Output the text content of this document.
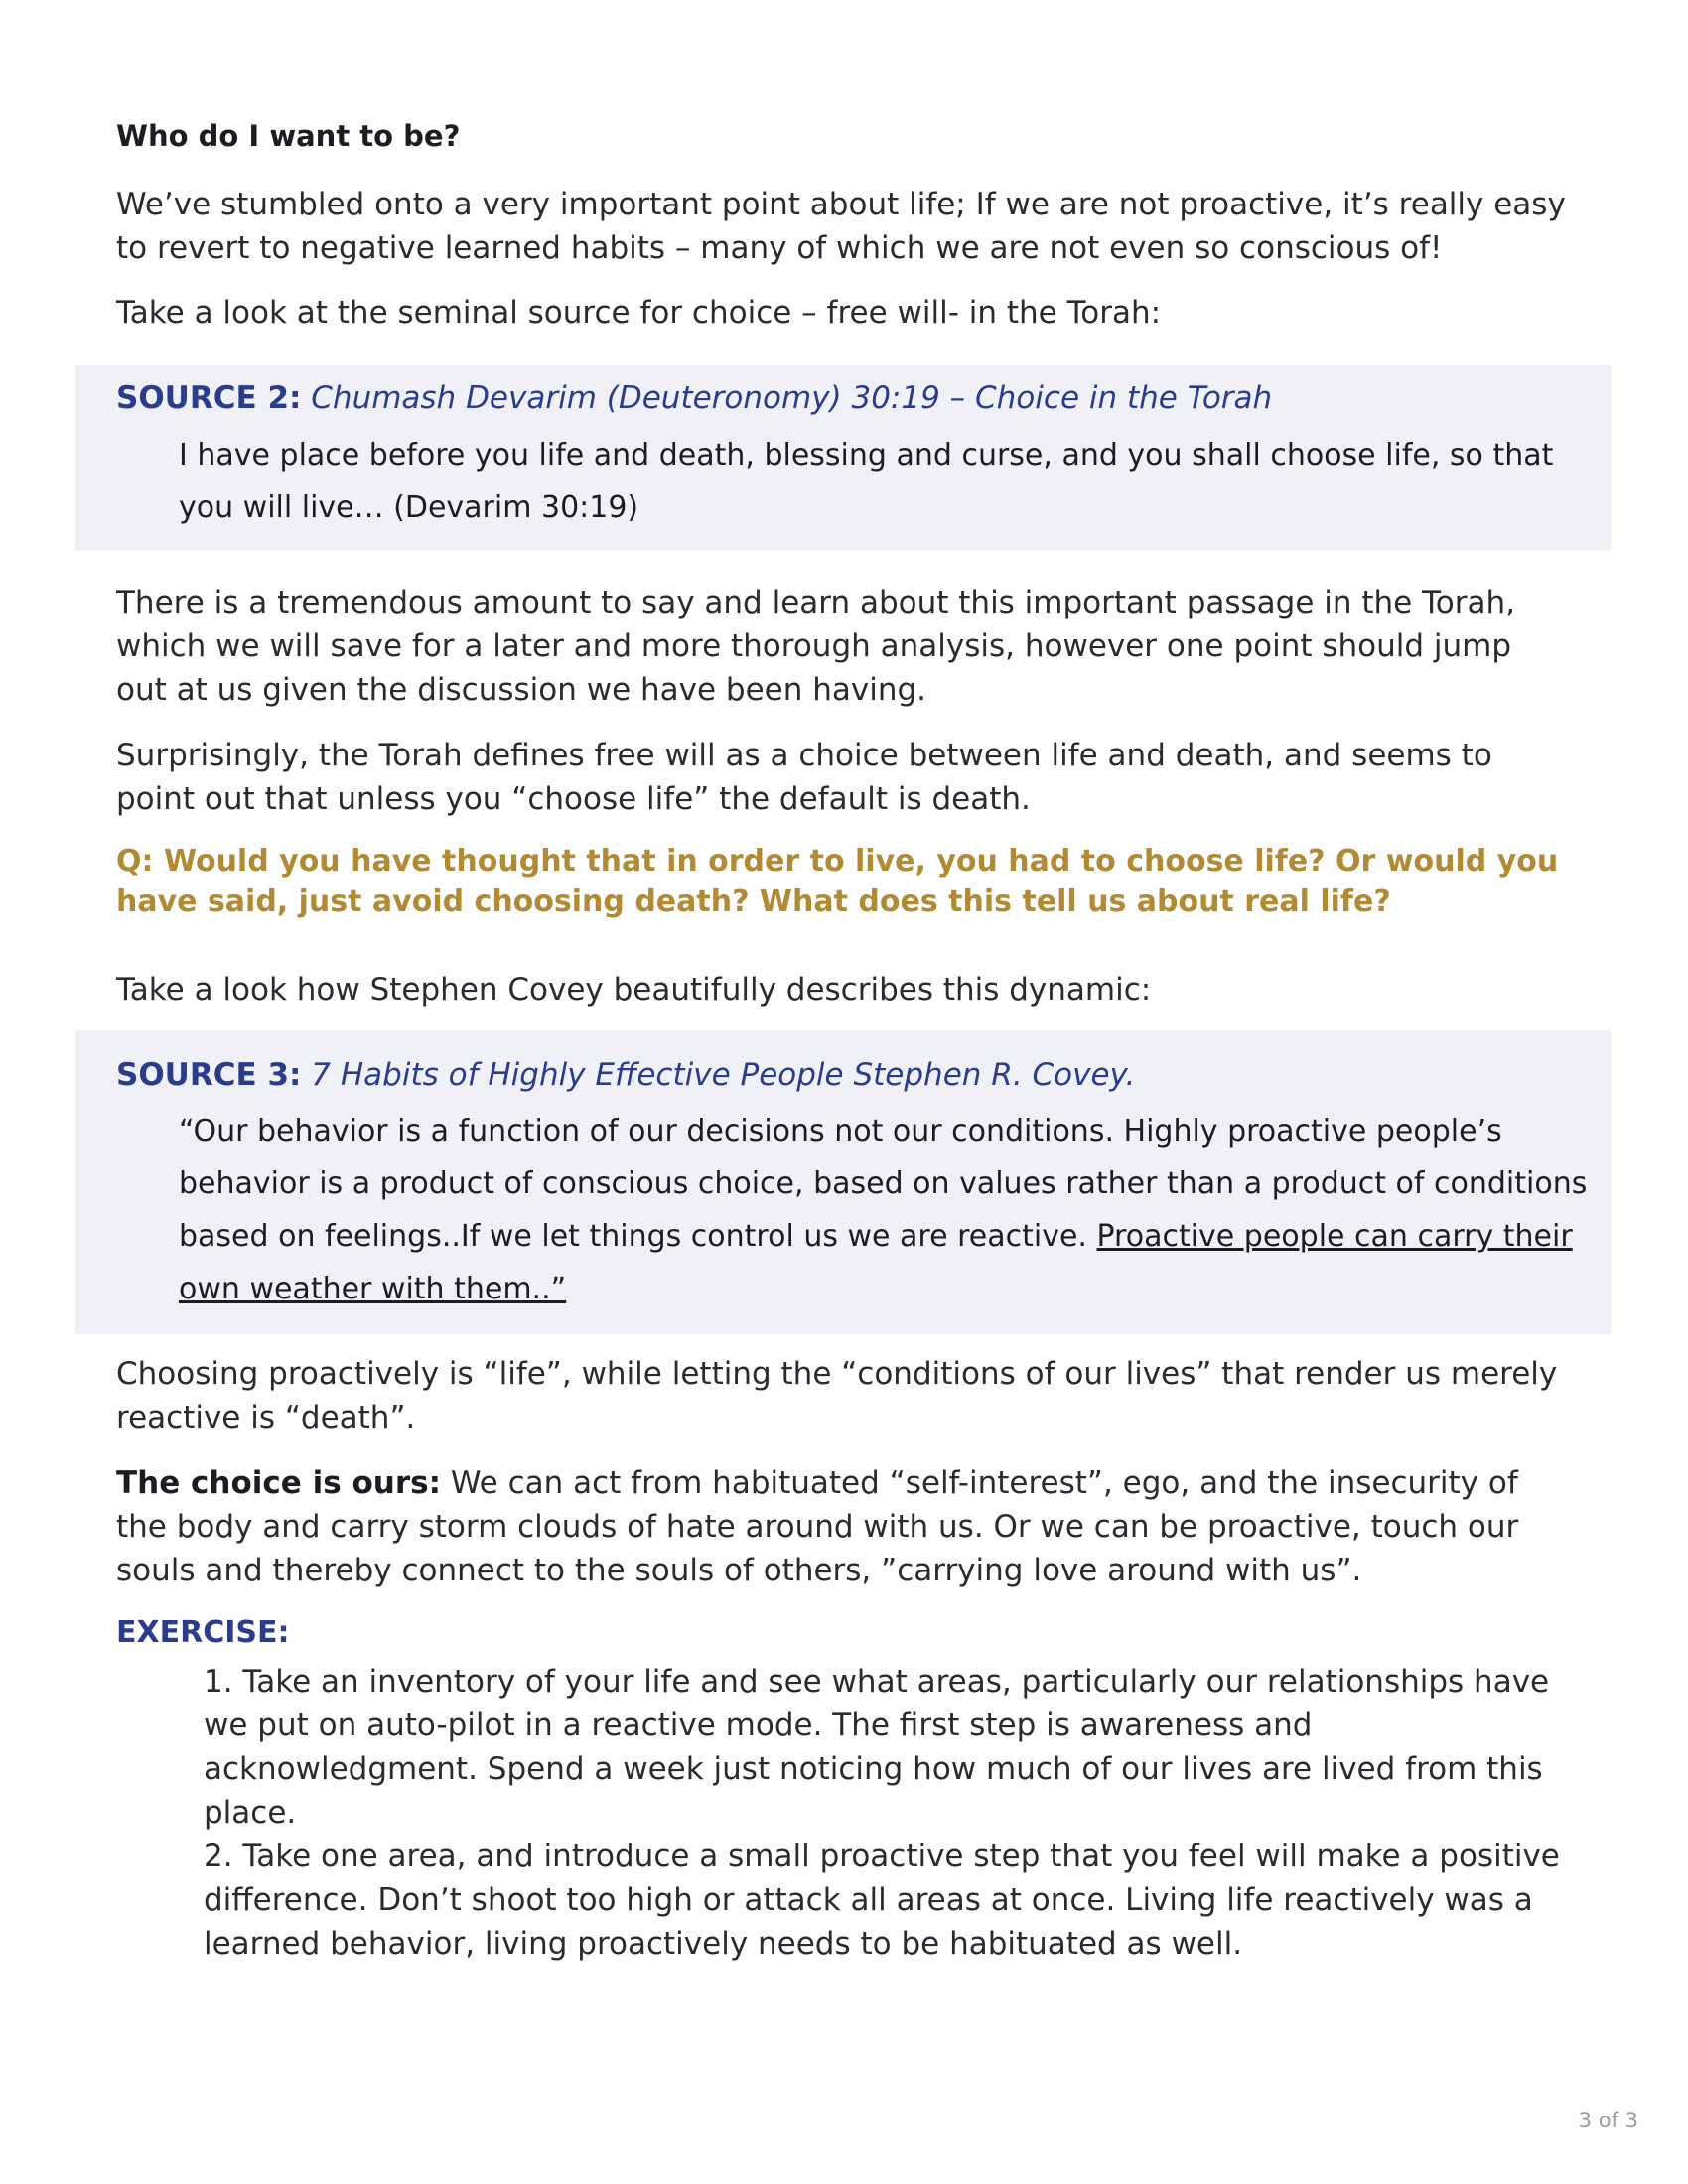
Who do I want to be?

We’ve stumbled onto a very important point about life; If we are not proactive, it’s really easy to revert to negative learned habits – many of which we are not even so conscious of!

Take a look at the seminal source for choice – free will- in the Torah:

SOURCE 2: Chumash Devarim (Deuteronomy) 30:19 – Choice in the Torah

I have place before you life and death, blessing and curse, and you shall choose life, so that you will live… (Devarim 30:19)

There is a tremendous amount to say and learn about this important passage in the Torah, which we will save for a later and more thorough analysis, however one point should jump out at us given the discussion we have been having.

Surprisingly, the Torah defines free will as a choice between life and death, and seems to point out that unless you “choose life” the default is death.

Q: Would you have thought that in order to live, you had to choose life? Or would you have said, just avoid choosing death? What does this tell us about real life?

Take a look how Stephen Covey beautifully describes this dynamic:

SOURCE 3: 7 Habits of Highly Effective People Stephen R. Covey.

“Our behavior is a function of our decisions not our conditions. Highly proactive people’s behavior is a product of conscious choice, based on values rather than a product of conditions based on feelings..If we let things control us we are reactive. Proactive people can carry their own weather with them..”

Choosing proactively is “life”, while letting the “conditions of our lives” that render us merely reactive is “death”.

The choice is ours: We can act from habituated “self-interest”, ego, and the insecurity of the body and carry storm clouds of hate around with us. Or we can be proactive, touch our souls and thereby connect to the souls of others, ”carrying love around with us”.

EXERCISE:

1. Take an inventory of your life and see what areas, particularly our relationships have we put on auto-pilot in a reactive mode. The first step is awareness and acknowledgment. Spend a week just noticing how much of our lives are lived from this place.

2. Take one area, and introduce a small proactive step that you feel will make a positive difference. Don’t shoot too high or attack all areas at once. Living life reactively was a learned behavior, living proactively needs to be habituated as well.

3 of 3
